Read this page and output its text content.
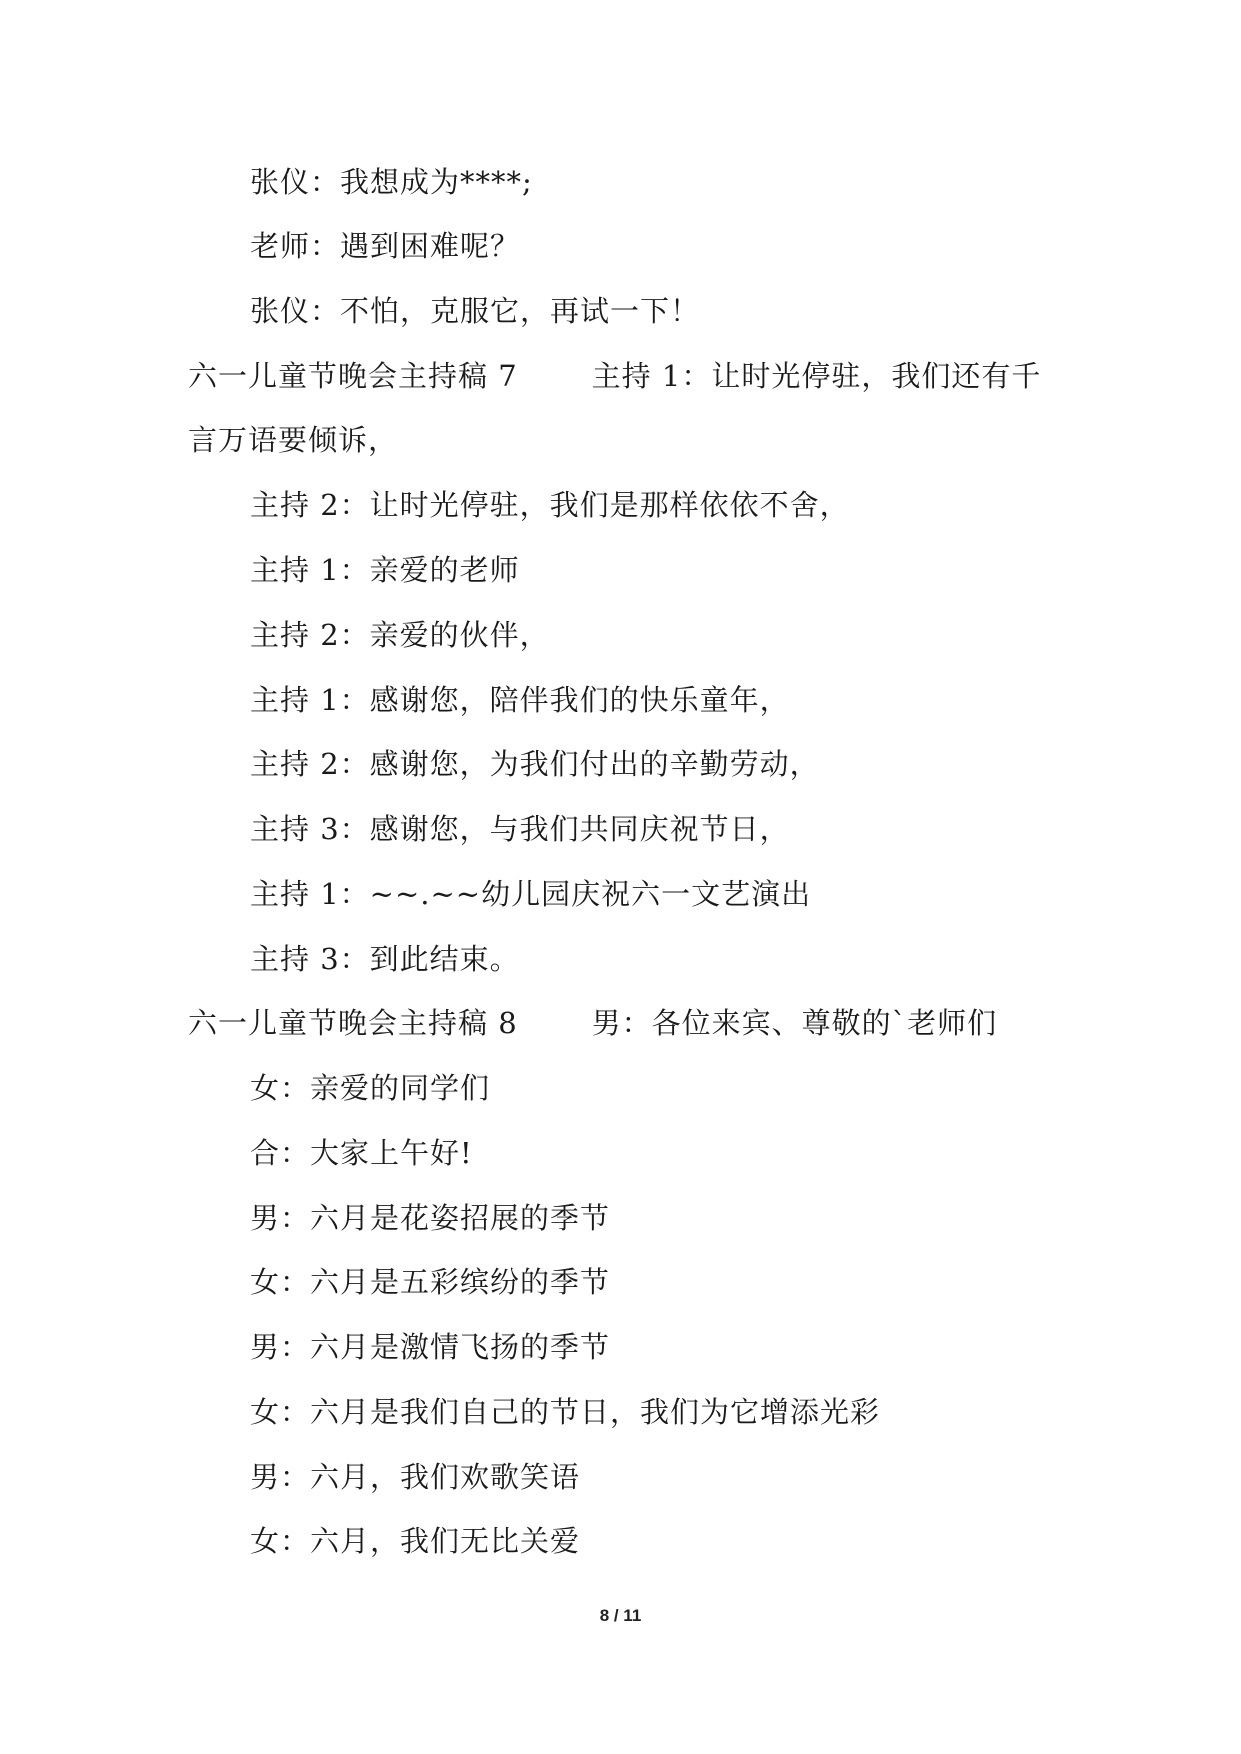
张仪：我想成为****;
老师：遇到困难呢？
张仪：不怕，克服它，再试一下！
六一儿童节晚会主持稿 7	主持 1：让时光停驻，我们还有千
言万语要倾诉，
主持 2：让时光停驻，我们是那样依依不舍，
主持 1：亲爱的老师
主持 2：亲爱的伙伴，
主持 1：感谢您，陪伴我们的快乐童年，
主持 2：感谢您，为我们付出的辛勤劳动，
主持 3：感谢您，与我们共同庆祝节日，
主持 1：~~.~~幼儿园庆祝六一文艺演出
主持 3：到此结束。
六一儿童节晚会主持稿 8	男：各位来宾、尊敬的`老师们
女：亲爱的同学们
合：大家上午好!
男：六月是花姿招展的季节
女：六月是五彩缤纷的季节
男：六月是激情飞扬的季节
女：六月是我们自己的节日，我们为它增添光彩
男：六月，我们欢歌笑语
女：六月，我们无比关爱
8 / 11
